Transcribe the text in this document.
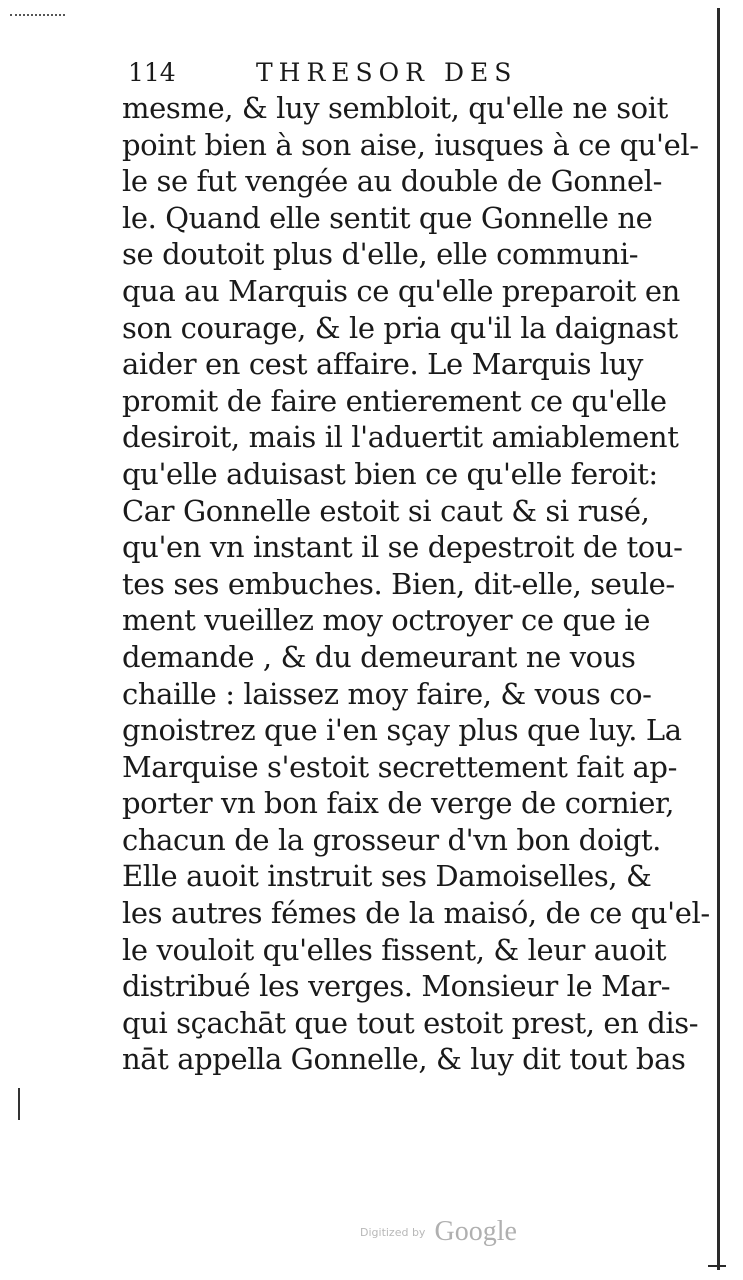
114	THRESOR DES
mesme, & luy sembloit, qu'elle ne soit
point bien à son aise, iusques à ce qu'el-
le se fut vengée au double de Gonnel-
le. Quand elle sentit que Gonnelle ne
se doutoit plus d'elle, elle communi-
qua au Marquis ce qu'elle preparoit en
son courage, & le pria qu'il la daignast
aider en cest affaire. Le Marquis luy
promit de faire entierement ce qu'elle
desiroit, mais il l'aduertit amiablement
qu'elle aduisast bien ce qu'elle feroit:
Car Gonnelle estoit si caut & si rusé,
qu'en vn instant il se depestroit de tou-
tes ses embuches. Bien, dit-elle, seule-
ment vueillez moy octroyer ce que ie
demande , & du demeurant ne vous
chaille : laissez moy faire, & vous co-
gnoistrez que i'en sçay plus que luy. La
Marquise s'estoit secrettement fait ap-
porter vn bon faix de verge de cornier,
chacun de la grosseur d'vn bon doigt.
Elle auoit instruit ses Damoiselles, &
les autres fémes de la maisó, de ce qu'el-
le vouloit qu'elles fissent, & leur auoit
distribué les verges. Monsieur le Mar-
qui sçachāt que tout estoit prest, en dis-
nāt appella Gonnelle, & luy dit tout bas
Digitized by Google
